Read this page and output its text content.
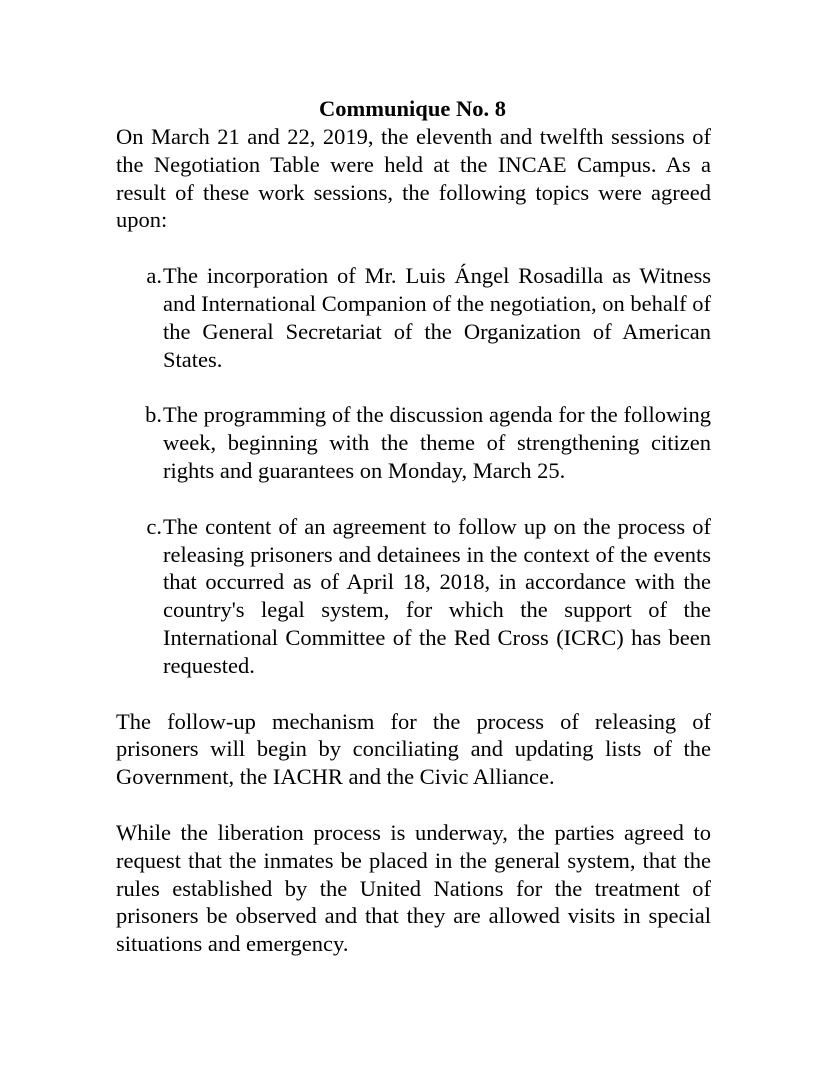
Communique No. 8

On March 21 and 22, 2019, the eleventh and twelfth sessions of the Negotiation Table were held at the INCAE Campus. As a result of these work sessions, the following topics were agreed upon:

a. The incorporation of Mr. Luis Ángel Rosadilla as Witness and International Companion of the negotiation, on behalf of the General Secretariat of the Organization of American States.
b. The programming of the discussion agenda for the following week, beginning with the theme of strengthening citizen rights and guarantees on Monday, March 25.
c. The content of an agreement to follow up on the process of releasing prisoners and detainees in the context of the events that occurred as of April 18, 2018, in accordance with the country's legal system, for which the support of the International Committee of the Red Cross (ICRC) has been requested.

The follow-up mechanism for the process of releasing of prisoners will begin by conciliating and updating lists of the Government, the IACHR and the Civic Alliance.

While the liberation process is underway, the parties agreed to request that the inmates be placed in the general system, that the rules established by the United Nations for the treatment of prisoners be observed and that they are allowed visits in special situations and emergency.
